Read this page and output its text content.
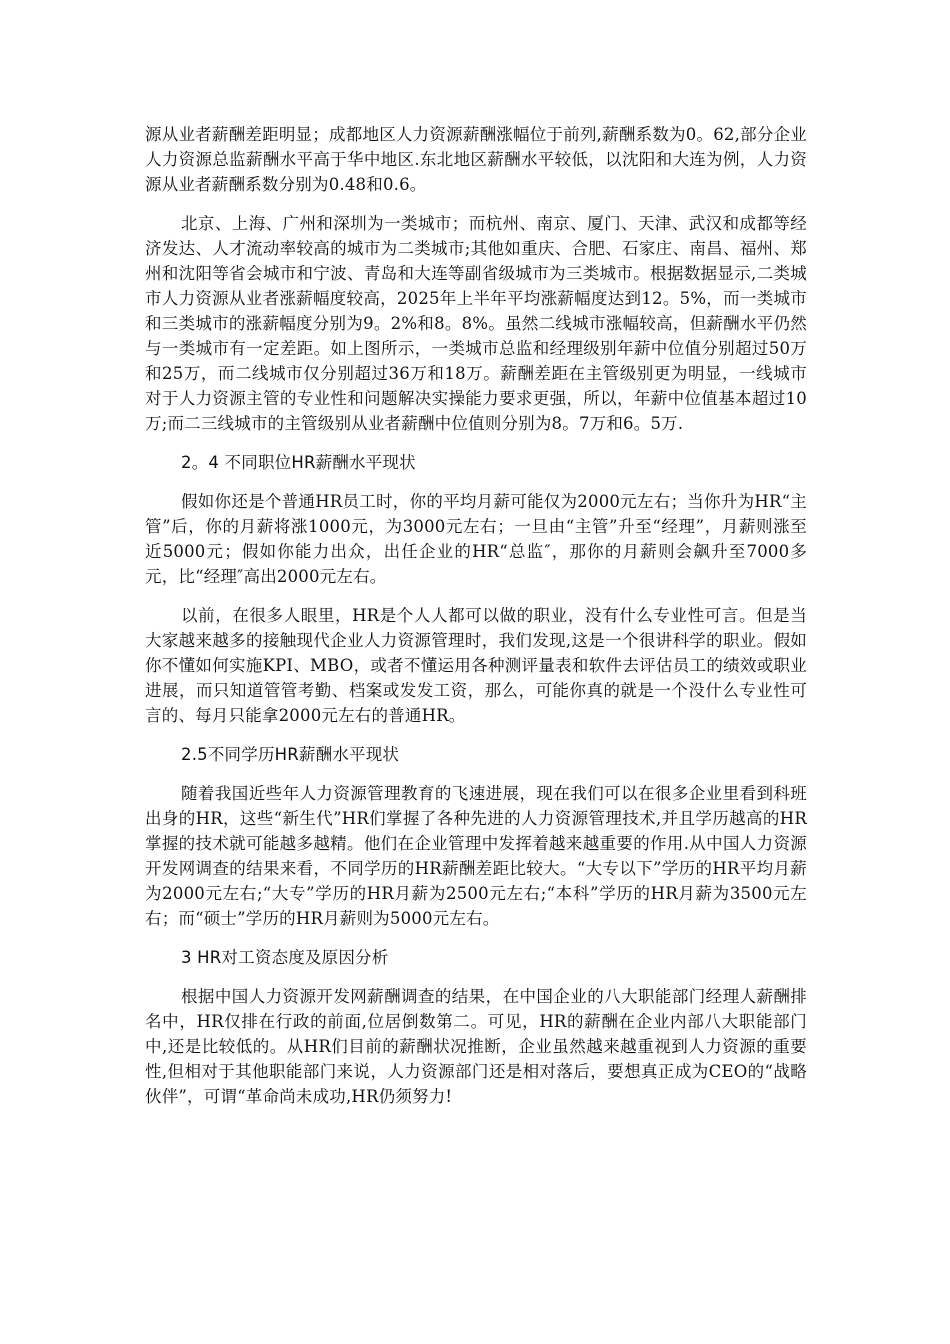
源从业者薪酬差距明显；成都地区人力资源薪酬涨幅位于前列,薪酬系数为0。62,部分企业人力资源总监薪酬水平高于华中地区.东北地区薪酬水平较低，以沈阳和大连为例，人力资源从业者薪酬系数分别为0.48和0.6。

北京、上海、广州和深圳为一类城市；而杭州、南京、厦门、天津、武汉和成都等经济发达、人才流动率较高的城市为二类城市;其他如重庆、合肥、石家庄、南昌、福州、郑州和沈阳等省会城市和宁波、青岛和大连等副省级城市为三类城市。根据数据显示,二类城市人力资源从业者涨薪幅度较高，2025年上半年平均涨薪幅度达到12。5%，而一类城市和三类城市的涨薪幅度分别为9。2%和8。8%。虽然二线城市涨幅较高，但薪酬水平仍然与一类城市有一定差距。如上图所示，一类城市总监和经理级别年薪中位值分别超过50万和25万，而二线城市仅分别超过36万和18万。薪酬差距在主管级别更为明显，一线城市对于人力资源主管的专业性和问题解决实操能力要求更强，所以，年薪中位值基本超过10万;而二三线城市的主管级别从业者薪酬中位值则分别为8。7万和6。5万.

2。4 不同职位HR薪酬水平现状

假如你还是个普通HR员工时，你的平均月薪可能仅为2000元左右；当你升为HR“主管”后，你的月薪将涨1000元，为3000元左右；一旦由“主管”升至“经理”，月薪则涨至近5000元；假如你能力出众，出任企业的HR“总监″，那你的月薪则会飙升至7000多元，比“经理″高出2000元左右。

以前，在很多人眼里，HR是个人人都可以做的职业，没有什么专业性可言。但是当大家越来越多的接触现代企业人力资源管理时，我们发现,这是一个很讲科学的职业。假如你不懂如何实施KPI、MBO，或者不懂运用各种测评量表和软件去评估员工的绩效或职业进展，而只知道管管考勤、档案或发发工资，那么，可能你真的就是一个没什么专业性可言的、每月只能拿2000元左右的普通HR。

2.5不同学历HR薪酬水平现状

随着我国近些年人力资源管理教育的飞速进展，现在我们可以在很多企业里看到科班出身的HR，这些“新生代”HR们掌握了各种先进的人力资源管理技术,并且学历越高的HR掌握的技术就可能越多越精。他们在企业管理中发挥着越来越重要的作用.从中国人力资源开发网调查的结果来看，不同学历的HR薪酬差距比较大。“大专以下”学历的HR平均月薪为2000元左右;“大专”学历的HR月薪为2500元左右;“本科”学历的HR月薪为3500元左右；而“硕士”学历的HR月薪则为5000元左右。

3 HR对工资态度及原因分析

根据中国人力资源开发网薪酬调查的结果，在中国企业的八大职能部门经理人薪酬排名中，HR仅排在行政的前面,位居倒数第二。可见，HR的薪酬在企业内部八大职能部门中,还是比较低的。从HR们目前的薪酬状况推断，企业虽然越来越重视到人力资源的重要性,但相对于其他职能部门来说，人力资源部门还是相对落后，要想真正成为CEO的“战略伙伴”，可谓“革命尚未成功,HR仍须努力!
